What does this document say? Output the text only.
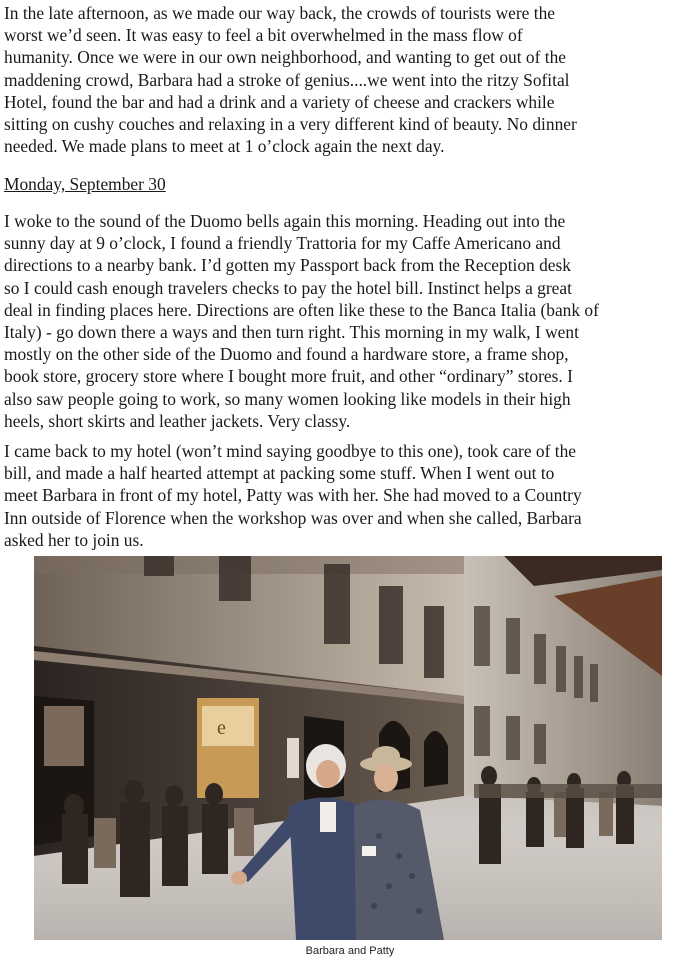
In the late afternoon, as we made our way back, the crowds of tourists were the
worst we’d seen. It was easy to feel a bit overwhelmed in the mass flow of
humanity. Once we were in our own neighborhood, and wanting to get out of the
maddening crowd, Barbara had a stroke of genius....we went into the ritzy Sofital
Hotel, found the bar and had a drink and a variety of cheese and crackers while
sitting on cushy couches and relaxing in a very different kind of beauty. No dinner
needed. We made plans to meet at 1 o’clock again the next day.

Monday, September 30

I woke to the sound of the Duomo bells again this morning. Heading out into the
sunny day at 9 o’clock, I found a friendly Trattoria for my Caffe Americano and
directions to a nearby bank. I’d gotten my Passport back from the Reception desk
so I could cash enough travelers checks to pay the hotel bill. Instinct helps a great
deal in finding places here. Directions are often like these to the Banca Italia (bank of
Italy) - go down there a ways and then turn right. This morning in my walk, I went
mostly on the other side of the Duomo and found a hardware store, a frame shop,
book store, grocery store where I bought more fruit, and other “ordinary” stores. I
also saw people going to work, so many women looking like models in their high
heels, short skirts and leather jackets. Very classy.

I came back to my hotel (won’t mind saying goodbye to this one), took care of the
bill, and made a half hearted attempt at packing some stuff. When I went out to
meet Barbara in front of my hotel, Patty was with her. She had moved to a Country
Inn outside of Florence when the workshop was over and when she called, Barbara
asked her to join us.

e
Barbara and Patty
